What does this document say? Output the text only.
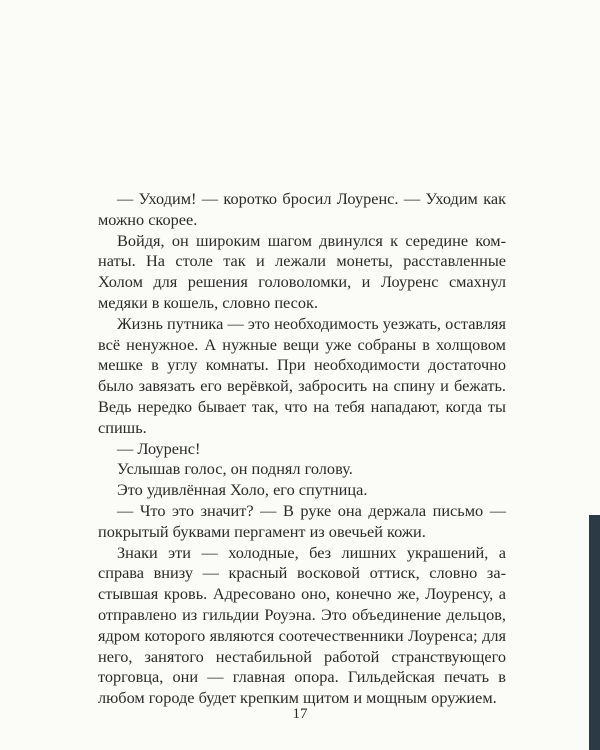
— Уходим! — коротко бросил Лоуренс. — Уходим как можно скорее.

Войдя, он широким шагом двинулся к середине комнаты. На столе так и лежали монеты, расставленные Холом для решения головоломки, и Лоуренс смахнул медяки в кошель, словно песок.

Жизнь путника — это необходимость уезжать, оставляя всё ненужное. А нужные вещи уже собраны в холщовом мешке в углу комнаты. При необходимости достаточно было завязать его верёвкой, забросить на спину и бежать. Ведь нередко бывает так, что на тебя нападают, когда ты спишь.

— Лоуренс!

Услышав голос, он поднял голову.

Это удивлённая Холо, его спутница.

— Что это значит? — В руке она держала письмо — покрытый буквами пергамент из овечьей кожи.

Знаки эти — холодные, без лишних украшений, а справа внизу — красный восковой оттиск, словно застывшая кровь. Адресовано оно, конечно же, Лоуренсу, а отправлено из гильдии Роуэна. Это объединение дельцов, ядром которого являются соотечественники Лоуренса; для него, занятого нестабильной работой странствующего торговца, они — главная опора. Гильдейская печать в любом городе будет крепким щитом и мощным оружием.

17
